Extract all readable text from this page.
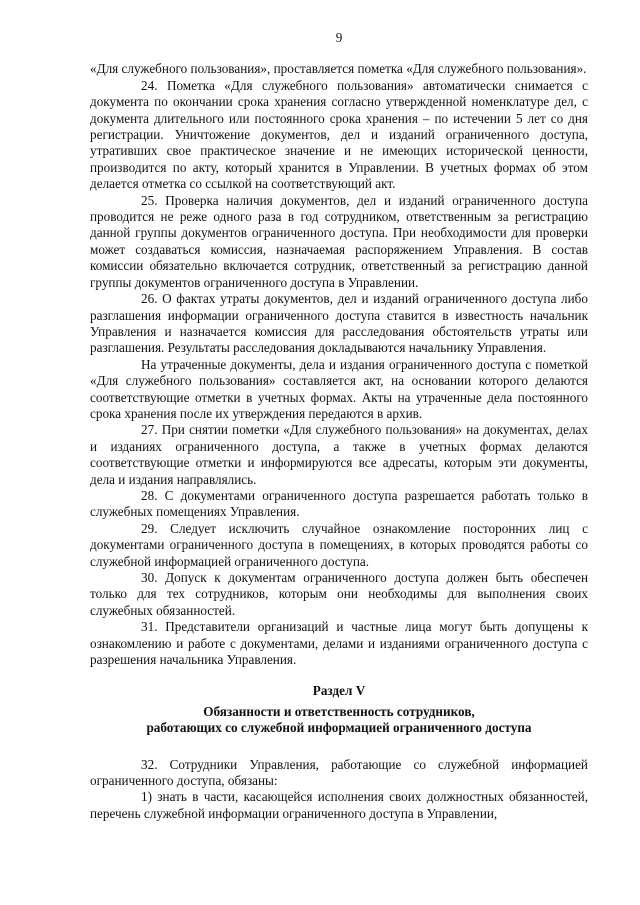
9

«Для служебного пользования», проставляется пометка «Для служебного пользования».

24. Пометка «Для служебного пользования» автоматически снимается с документа по окончании срока хранения согласно утвержденной номенклатуре дел, с документа длительного или постоянного срока хранения – по истечении 5 лет со дня регистрации. Уничтожение документов, дел и изданий ограниченного доступа, утративших свое практическое значение и не имеющих исторической ценности, производится по акту, который хранится в Управлении. В учетных формах об этом делается отметка со ссылкой на соответствующий акт.

25. Проверка наличия документов, дел и изданий ограниченного доступа проводится не реже одного раза в год сотрудником, ответственным за регистрацию данной группы документов ограниченного доступа. При необходимости для проверки может создаваться комиссия, назначаемая распоряжением Управления. В состав комиссии обязательно включается сотрудник, ответственный за регистрацию данной группы документов ограниченного доступа в Управлении.

26. О фактах утраты документов, дел и изданий ограниченного доступа либо разглашения информации ограниченного доступа ставится в известность начальник Управления и назначается комиссия для расследования обстоятельств утраты или разглашения. Результаты расследования докладываются начальнику Управления.

На утраченные документы, дела и издания ограниченного доступа с пометкой «Для служебного пользования» составляется акт, на основании которого делаются соответствующие отметки в учетных формах. Акты на утраченные дела постоянного срока хранения после их утверждения передаются в архив.

27. При снятии пометки «Для служебного пользования» на документах, делах и изданиях ограниченного доступа, а также в учетных формах делаются соответствующие отметки и информируются все адресаты, которым эти документы, дела и издания направлялись.

28. С документами ограниченного доступа разрешается работать только в служебных помещениях Управления.

29. Следует исключить случайное ознакомление посторонних лиц с документами ограниченного доступа в помещениях, в которых проводятся работы со служебной информацией ограниченного доступа.

30. Допуск к документам ограниченного доступа должен быть обеспечен только для тех сотрудников, которым они необходимы для выполнения своих служебных обязанностей.

31. Представители организаций и частные лица могут быть допущены к ознакомлению и работе с документами, делами и изданиями ограниченного доступа с разрешения начальника Управления.

Раздел V
Обязанности и ответственность сотрудников,
работающих со служебной информацией ограниченного доступа

32. Сотрудники Управления, работающие со служебной информацией ограниченного доступа, обязаны:

1) знать в части, касающейся исполнения своих должностных обязанностей, перечень служебной информации ограниченного доступа в Управлении,
